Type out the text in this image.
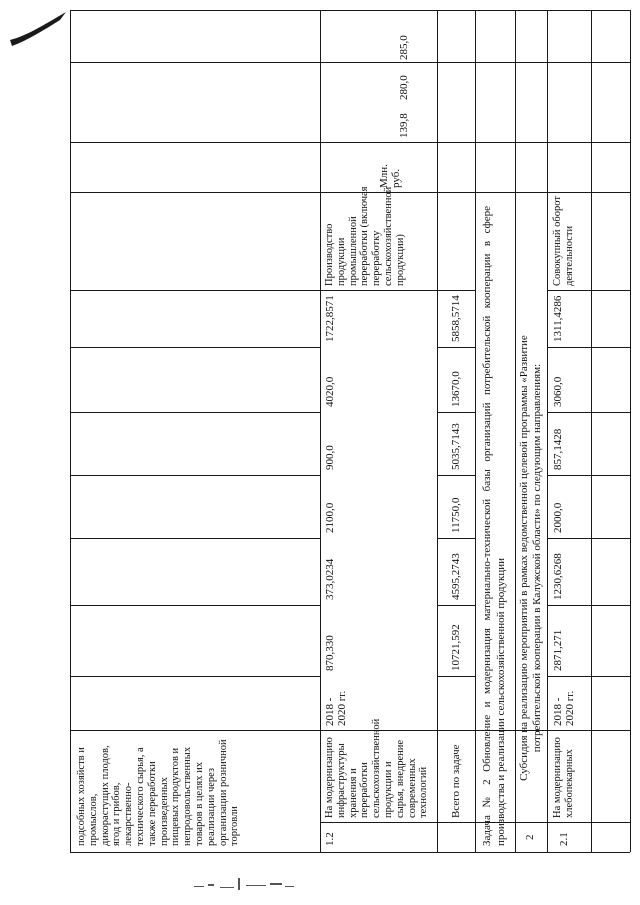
подсобных хозяйств и промыслов, дикорастущих плодов, ягод и грибов, лекарственно-технического сырья, а также переработки произведенных пищевых продуктов и непродовольственных товаров в целях их реализации через организации розничной торговли
285,0
1.2
На модернизацию инфраструктуры хранения и переработки сельскохозяйственной продукции и сырья, внедрение современных технологий
2018 - 2020 гг.
870,330
373,0234
2100,0
900,0
4020,0
1722,8571
Производство продукции промышленной переработки (включая переработку сельскохозяйственной продукции)
Млн. руб.
139,8
280,0
Всего по задаче
10721,592
4595,2743
11750,0
5035,7143
13670,0
5858,5714 Задача № 2 Обновление и модернизация материально-технической базы организаций потребительской кооперации в сфере производства и реализации сельскохозяйственной продукции 2
Субсидия на реализацию мероприятий в рамках ведомственной целевой программы «Развитие потребительской кооперации в Калужской области» по следующим направлениям:
2.1
На модернизацию хлебопекарных
2018 - 2020 гг.
2871,271
1230,6268
2000,0
857,1428
3060,0
1311,4286
Совокупный оборот деятельности
